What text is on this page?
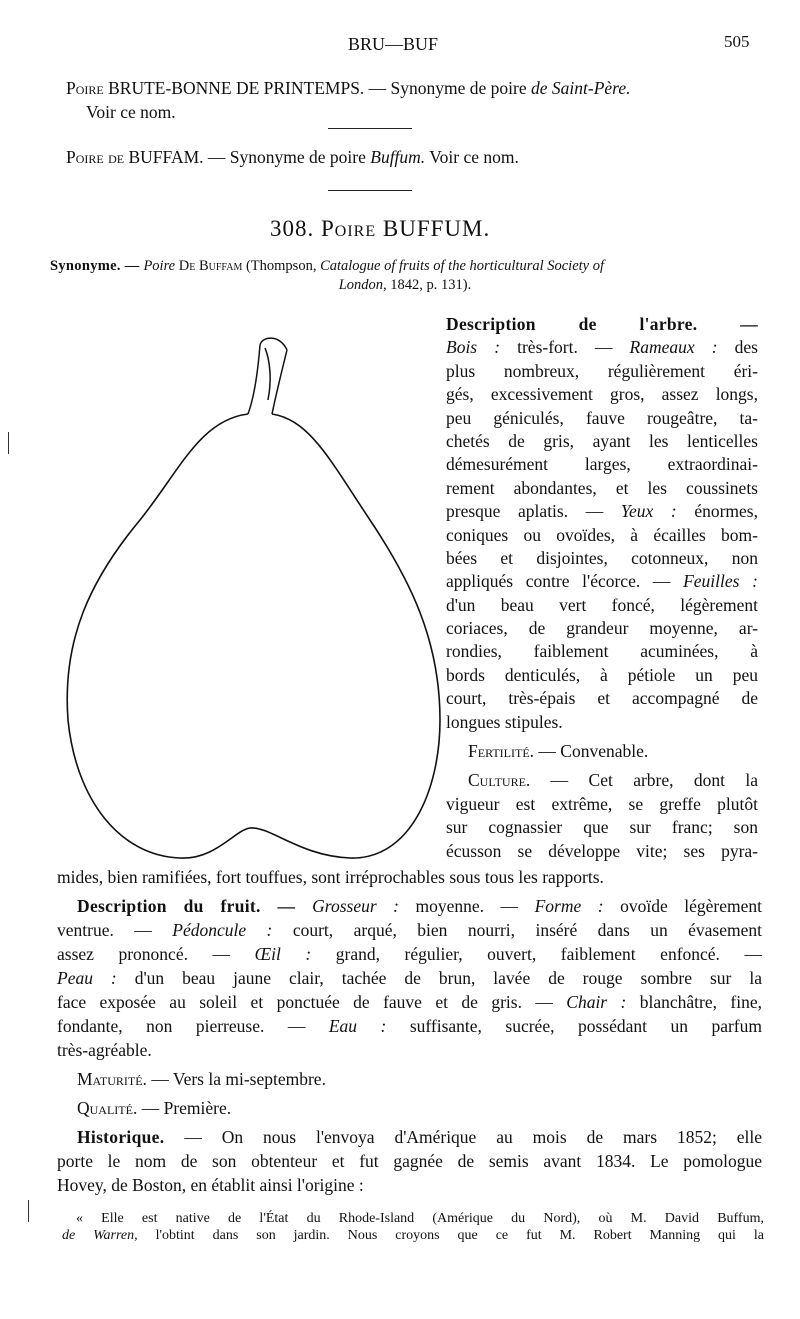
BRU—BUF	505
Poire BRUTE-BONNE DE PRINTEMPS. — Synonyme de poire de Saint-Père.
Voir ce nom.
Poire de BUFFAM. — Synonyme de poire Buffum. Voir ce nom.
308. Poire BUFFUM.
Synonyme. — Poire De Buffam (Thompson, Catalogue of fruits of the horticultural Society of
London, 1842, p. 131).
Description de l'arbre. —
Bois : très-fort. — Rameaux : des
plus nombreux, régulièrement éri-
gés, excessivement gros, assez longs,
peu géniculés, fauve rougeâtre, ta-
chetés de gris, ayant les lenticelles
démesurément larges, extraordinai-
rement abondantes, et les coussinets
presque aplatis. — Yeux : énormes,
coniques ou ovoïdes, à écailles bom-
bées et disjointes, cotonneux, non
appliqués contre l'écorce. — Feuilles :
d'un beau vert foncé, légèrement
coriaces, de grandeur moyenne, ar-
rondies, faiblement acuminées, à
bords denticulés, à pétiole un peu
court, très-épais et accompagné de
longues stipules.
Fertilité. — Convenable.
Culture. — Cet arbre, dont la
vigueur est extrême, se greffe plutôt
sur cognassier que sur franc; son
écusson se développe vite; ses pyra-
mides, bien ramifiées, fort touffues, sont irréprochables sous tous les rapports.
Description du fruit. — Grosseur : moyenne. — Forme : ovoïde légèrement
ventrue. — Pédoncule : court, arqué, bien nourri, inséré dans un évasement
assez prononcé. — Œil : grand, régulier, ouvert, faiblement enfoncé. —
Peau : d'un beau jaune clair, tachée de brun, lavée de rouge sombre sur la
face exposée au soleil et ponctuée de fauve et de gris. — Chair : blanchâtre, fine,
fondante, non pierreuse. — Eau : suffisante, sucrée, possédant un parfum
très-agréable.
Maturité. — Vers la mi-septembre.
Qualité. — Première.
Historique. — On nous l'envoya d'Amérique au mois de mars 1852; elle
porte le nom de son obtenteur et fut gagnée de semis avant 1834. Le pomologue
Hovey, de Boston, en établit ainsi l'origine :
« Elle est native de l'État du Rhode-Island (Amérique du Nord), où M. David Buffum,
de Warren, l'obtint dans son jardin. Nous croyons que ce fut M. Robert Manning qui la
